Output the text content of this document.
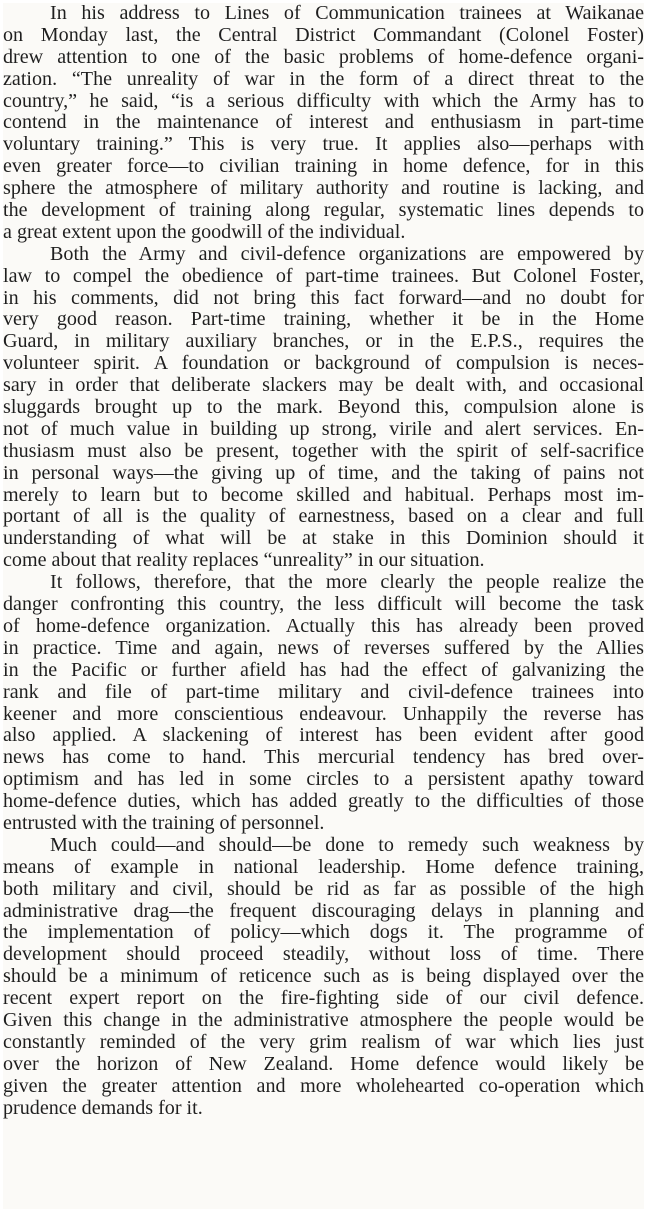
In his address to Lines of Communication trainees at Waikanae
on Monday last, the Central District Commandant (Colonel Foster)
drew attention to one of the basic problems of home-defence organi-
zation. “The unreality of war in the form of a direct threat to the
country,” he said, “is a serious difficulty with which the Army has to
contend in the maintenance of interest and enthusiasm in part-time
voluntary training.” This is very true. It applies also—perhaps with
even greater force—to civilian training in home defence, for in this
sphere the atmosphere of military authority and routine is lacking, and
the development of training along regular, systematic lines depends to
a great extent upon the goodwill of the individual.
Both the Army and civil-defence organizations are empowered by
law to compel the obedience of part-time trainees. But Colonel Foster,
in his comments, did not bring this fact forward—and no doubt for
very good reason. Part-time training, whether it be in the Home
Guard, in military auxiliary branches, or in the E.P.S., requires the
volunteer spirit. A foundation or background of compulsion is neces-
sary in order that deliberate slackers may be dealt with, and occasional
sluggards brought up to the mark. Beyond this, compulsion alone is
not of much value in building up strong, virile and alert services. En-
thusiasm must also be present, together with the spirit of self-sacrifice
in personal ways—the giving up of time, and the taking of pains not
merely to learn but to become skilled and habitual. Perhaps most im-
portant of all is the quality of earnestness, based on a clear and full
understanding of what will be at stake in this Dominion should it
come about that reality replaces “unreality” in our situation.
It follows, therefore, that the more clearly the people realize the
danger confronting this country, the less difficult will become the task
of home-defence organization. Actually this has already been proved
in practice. Time and again, news of reverses suffered by the Allies
in the Pacific or further afield has had the effect of galvanizing the
rank and file of part-time military and civil-defence trainees into
keener and more conscientious endeavour. Unhappily the reverse has
also applied. A slackening of interest has been evident after good
news has come to hand. This mercurial tendency has bred over-
optimism and has led in some circles to a persistent apathy toward
home-defence duties, which has added greatly to the difficulties of those
entrusted with the training of personnel.
Much could—and should—be done to remedy such weakness by
means of example in national leadership. Home defence training,
both military and civil, should be rid as far as possible of the high
administrative drag—the frequent discouraging delays in planning and
the implementation of policy—which dogs it. The programme of
development should proceed steadily, without loss of time. There
should be a minimum of reticence such as is being displayed over the
recent expert report on the fire-fighting side of our civil defence.
Given this change in the administrative atmosphere the people would be
constantly reminded of the very grim realism of war which lies just
over the horizon of New Zealand. Home defence would likely be
given the greater attention and more wholehearted co-operation which
prudence demands for it.
